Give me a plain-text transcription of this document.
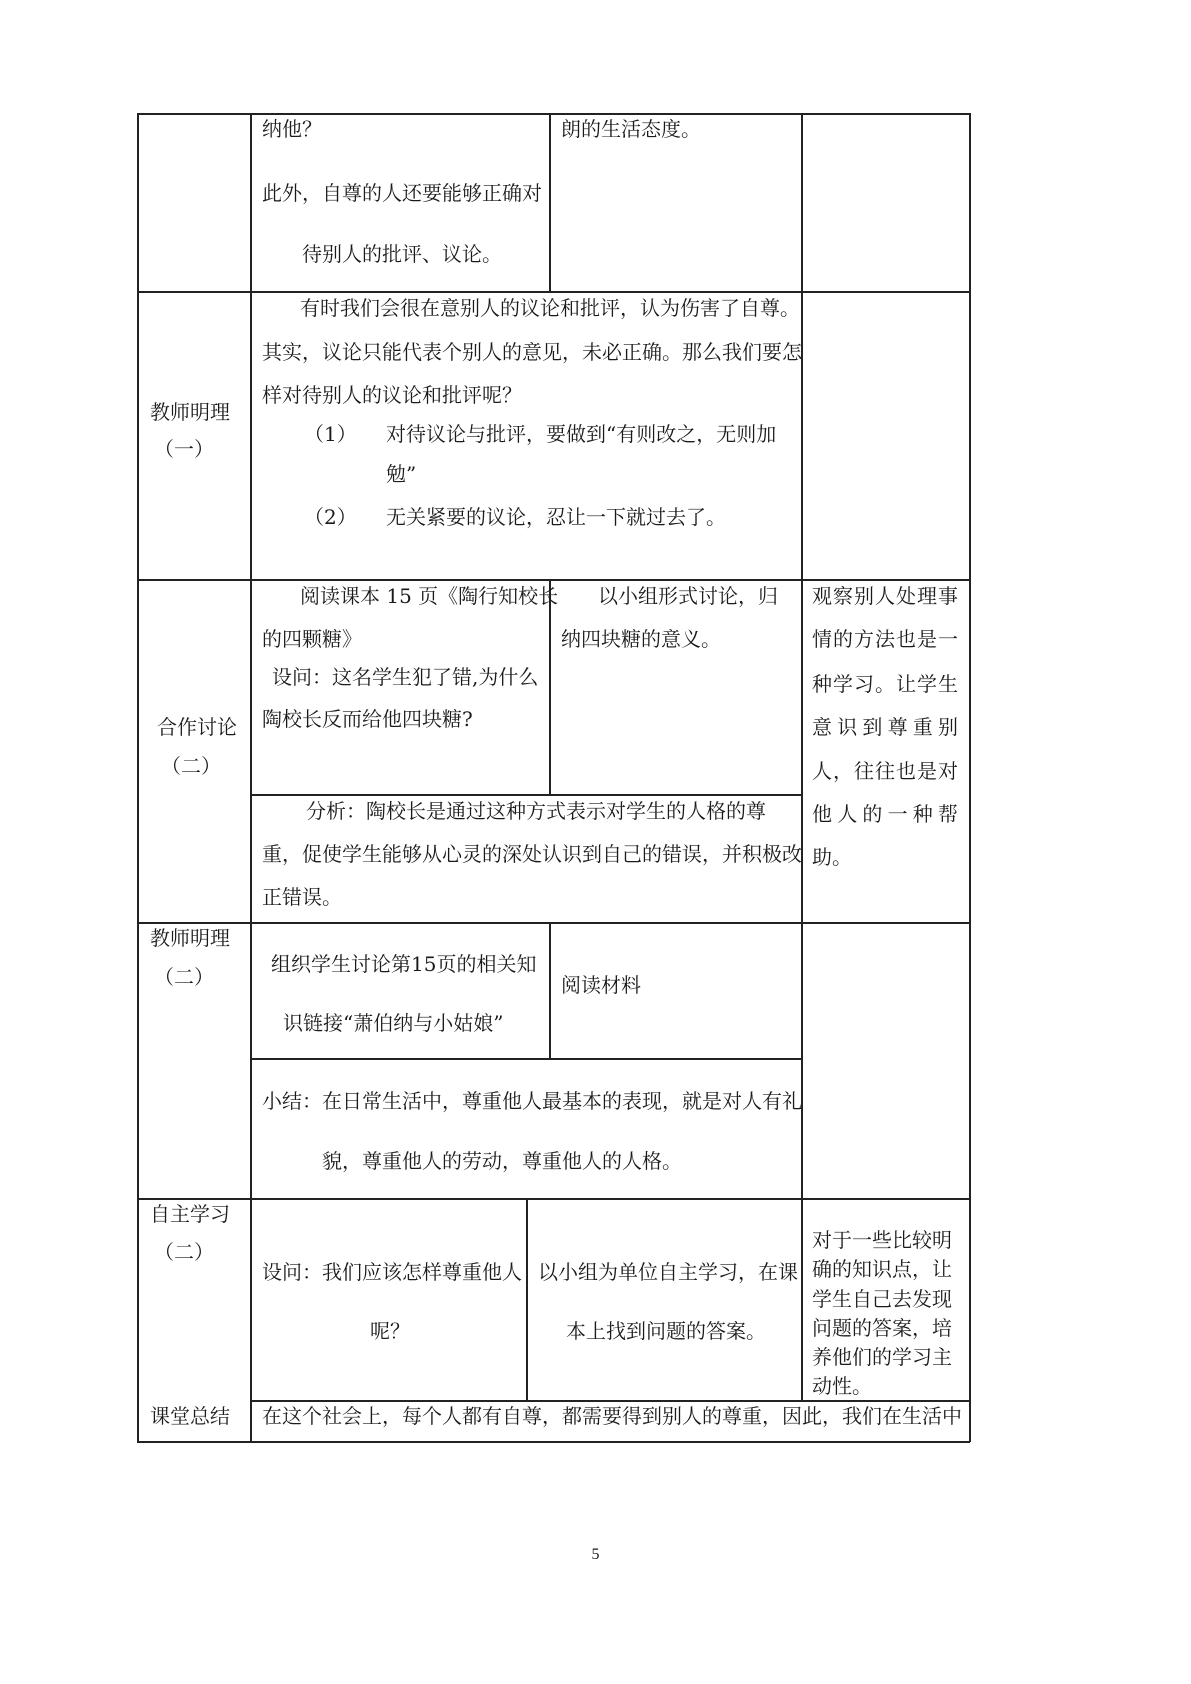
纳他？
此外，自尊的人还要能够正确对
待别人的批评、议论。
朗的生活态度。
教师明理
（一）
有时我们会很在意别人的议论和批评，认为伤害了自尊。
其实，议论只能代表个别人的意见，未必正确。那么我们要怎
样对待别人的议论和批评呢？
（1） 对待议论与批评，要做到“有则改之，无则加
勉”
（2） 无关紧要的议论，忍让一下就过去了。
合作讨论
（二）
阅读课本 15 页《陶行知校长
的四颗糖》
设问：这名学生犯了错,为什么
陶校长反而给他四块糖?
以小组形式讨论，归
纳四块糖的意义。
分析：陶校长是通过这种方式表示对学生的人格的尊
重，促使学生能够从心灵的深处认识到自己的错误，并积极改
正错误。
观察别人处理事
情的方法也是一
种学习。让学生
意识到尊重别
人，往往也是对
他人的一种帮
助。
教师明理
（二）
组织学生讨论第15页的相关知
识链接“萧伯纳与小姑娘”
阅读材料
小结：在日常生活中，尊重他人最基本的表现，就是对人有礼
貌，尊重他人的劳动，尊重他人的人格。
自主学习
（二）
设问：我们应该怎样尊重他人
呢？
以小组为单位自主学习，在课
本上找到问题的答案。
对于一些比较明
确的知识点，让
学生自己去发现
问题的答案，培
养他们的学习主
动性。
课堂总结 在这个社会上，每个人都有自尊，都需要得到别人的尊重，因此，我们在生活中
5
